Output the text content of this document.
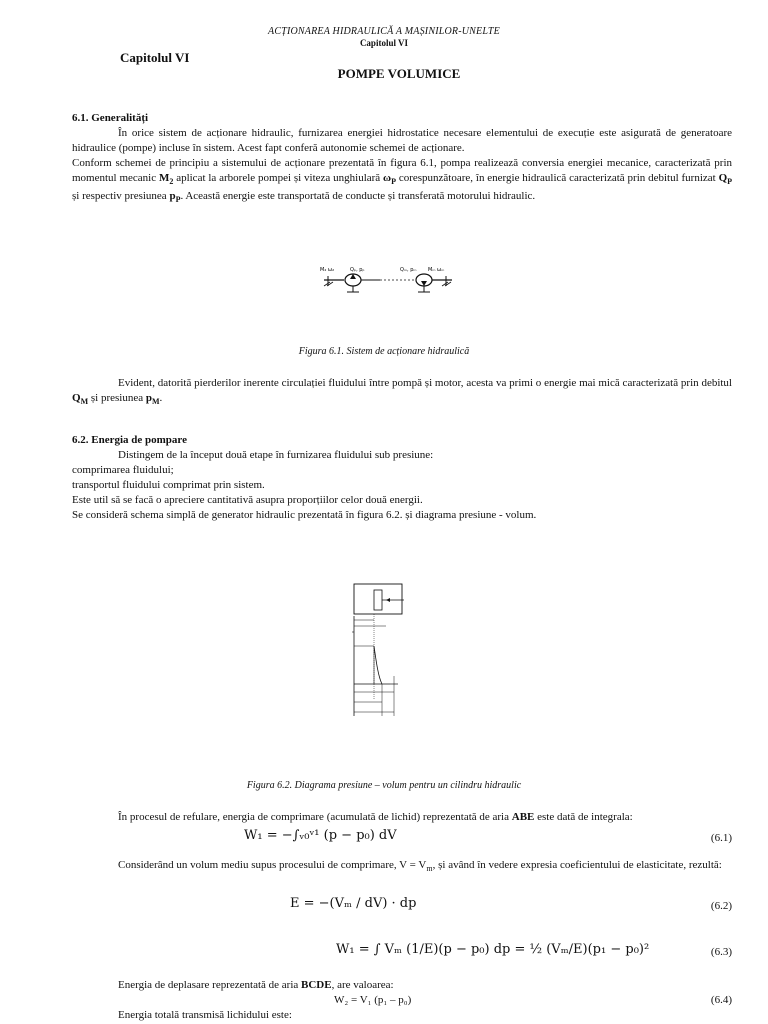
ACȚIONAREA HIDRAULICĂ A MAȘINILOR-UNELTE
Capitolul VI
Capitolul VI
POMPE VOLUMICE
6.1. Generalități
În orice sistem de acționare hidraulic, furnizarea energiei hidrostatice necesare elementului de execuție este asigurată de generatoare hidraulice (pompe) incluse în sistem. Acest fapt conferă autonomie schemei de acționare.
Conform schemei de principiu a sistemului de acționare prezentată în figura 6.1, pompa realizează conversia energiei mecanice, caracterizată prin momentul mecanic $M_2$ aplicat la arborele pompei și viteza unghiulară $\omega_P$ corespunzătoare, în energie hidraulică caracterizată prin debitul furnizat $Q_P$ și respectiv presiunea $p_P$. Această energie este transportată de conducte și transferată motorului hidraulic.
M₂ ω₂	Qₚ, pₚ	Qₘ, pₘ Mₘ ωₘ
Figura 6.1. Sistem de acționare hidraulică
Evident, datorită pierderilor inerente circulației fluidului între pompă și motor, acesta va primi o energie mai mică caracterizată prin debitul $Q_M$ și presiunea $p_M$.
6.2. Energia de pompare
Distingem de la început două etape în furnizarea fluidului sub presiune:
comprimarea fluidului;
transportul fluidului comprimat prin sistem.
Este util să se facă o apreciere cantitativă asupra proporțiilor celor două energii.
Se consideră schema simplă de generator hidraulic prezentată în figura 6.2. și diagrama presiune - volum.
Figura 6.2. Diagrama presiune – volum pentru un cilindru hidraulic
În procesul de refulare, energia de comprimare (acumulată de lichid) reprezentată de aria ABE este dată de integrala:
W₁ = −∫ᵥ₀ᵛ¹ (p − p₀) dV	(6.1)
Considerând un volum mediu supus procesului de comprimare, $V = V_m$, și având în vedere expresia coeficientului de elasticitate, rezultă:
E = −(Vₘ / dV) · dp	(6.2)
W₁ = ∫ Vₘ (1/E)(p − p₀) dp = ½ (Vₘ/E)(p₁ − p₀)²	(6.3)
Energia de deplasare reprezentată de aria BCDE, are valoarea:
W₂ = V₁ (p₁ – p₀)	(6.4)
Energia totală transmisă lichidului este:
